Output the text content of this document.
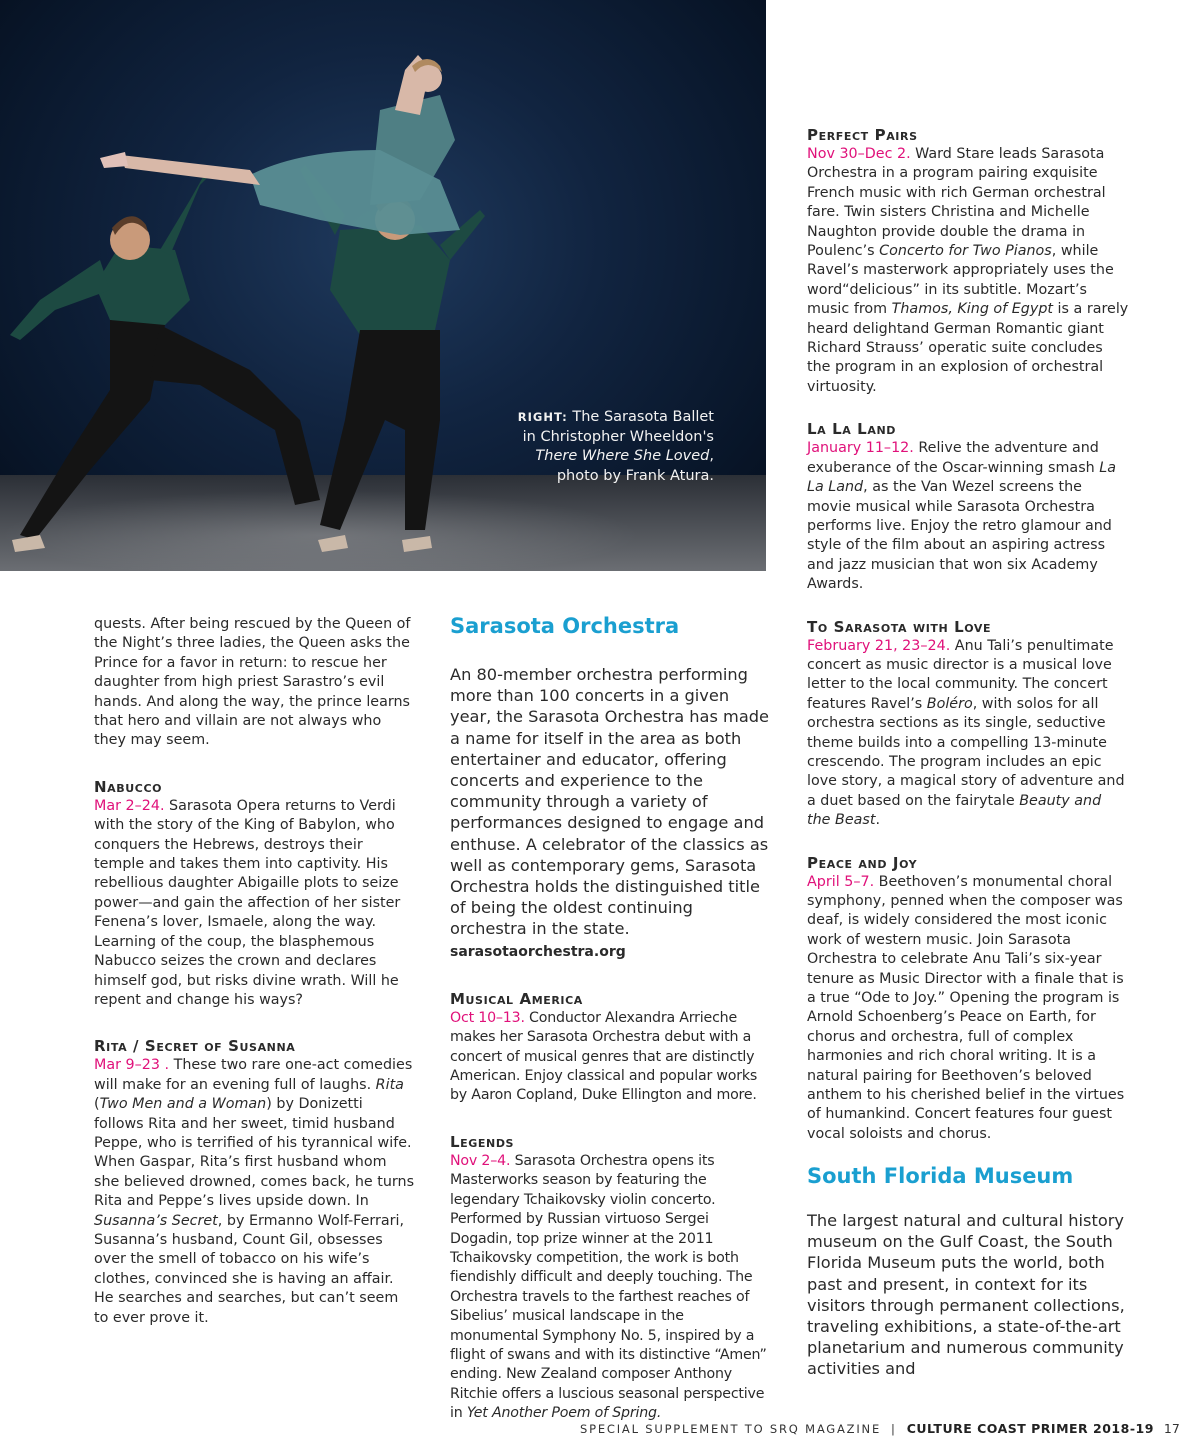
RIGHT: The Sarasota Ballet in Christopher Wheeldon's There Where She Loved, photo by Frank Atura.

quests. After being rescued by the Queen of the Night’s three ladies, the Queen asks the Prince for a favor in return: to rescue her daughter from high priest Sarastro’s evil hands. And along the way, the prince learns that hero and villain are not always who they may seem.

Nabucco

Mar 2–24. Sarasota Opera returns to Verdi with the story of the King of Babylon, who conquers the Hebrews, destroys their temple and takes them into captivity. His rebellious daughter Abigaille plots to seize power—and gain the affection of her sister Fenena’s lover, Ismaele, along the way. Learning of the coup, the blasphemous Nabucco seizes the crown and declares himself god, but risks divine wrath. Will he repent and change his ways?

Rita / Secret of Susanna

Mar 9–23 . These two rare one-act comedies will make for an evening full of laughs. Rita (Two Men and a Woman) by Donizetti follows Rita and her sweet, timid husband Peppe, who is terrified of his tyrannical wife. When Gaspar, Rita’s first husband whom she believed drowned, comes back, he turns Rita and Peppe’s lives upside down. In Susanna’s Secret, by Ermanno Wolf-Ferrari, Susanna’s husband, Count Gil, obsesses over the smell of tobacco on his wife’s clothes, convinced she is having an affair. He searches and searches, but can’t seem to ever prove it.

Sarasota Orchestra

An 80-member orchestra performing more than 100 concerts in a given year, the Sarasota Orchestra has made a name for itself in the area as both entertainer and educator, offering concerts and experience to the community through a variety of performances designed to engage and enthuse. A celebrator of the classics as well as contemporary gems, Sarasota Orchestra holds the distinguished title of being the oldest continuing orchestra in the state. sarasotaorchestra.org

Musical America

Oct 10–13. Conductor Alexandra Arrieche makes her Sarasota Orchestra debut with a concert of musical genres that are distinctly American. Enjoy classical and popular works by Aaron Copland, Duke Ellington and more.

Legends

Nov 2–4. Sarasota Orchestra opens its Masterworks season by featuring the legendary Tchaikovsky violin concerto. Performed by Russian virtuoso Sergei Dogadin, top prize winner at the 2011 Tchaikovsky competition, the work is both fiendishly difficult and deeply touching. The Orchestra travels to the farthest reaches of Sibelius’ musical landscape in the monumental Symphony No. 5, inspired by a flight of swans and with its distinctive “Amen” ending. New Zealand composer Anthony Ritchie offers a luscious seasonal perspective in Yet Another Poem of Spring.

Perfect Pairs

Nov 30–Dec 2. Ward Stare leads Sarasota Orchestra in a program pairing exquisite French music with rich German orchestral fare. Twin sisters Christina and Michelle Naughton provide double the drama in Poulenc’s Concerto for Two Pianos, while Ravel’s masterwork appropriately uses the word“delicious” in its subtitle. Mozart’s music from Thamos, King of Egypt is a rarely heard delightand German Romantic giant Richard Strauss’ operatic suite concludes the program in an explosion of orchestral virtuosity.

La La Land

January 11–12. Relive the adventure and exuberance of the Oscar-winning smash La La Land, as the Van Wezel screens the movie musical while Sarasota Orchestra performs live. Enjoy the retro glamour and style of the film about an aspiring actress and jazz musician that won six Academy Awards.

To Sarasota with Love

February 21, 23–24. Anu Tali’s penultimate concert as music director is a musical love letter to the local community. The concert features Ravel’s Boléro, with solos for all orchestra sections as its single, seductive theme builds into a compelling 13-minute crescendo. The program includes an epic love story, a magical story of adventure and a duet based on the fairytale Beauty and the Beast.

Peace and Joy

April 5–7. Beethoven’s monumental choral symphony, penned when the composer was deaf, is widely considered the most iconic work of western music. Join Sarasota Orchestra to celebrate Anu Tali’s six-year tenure as Music Director with a finale that is a true “Ode to Joy.” Opening the program is Arnold Schoenberg’s Peace on Earth, for chorus and orchestra, full of complex harmonies and rich choral writing. It is a natural pairing for Beethoven’s beloved anthem to his cherished belief in the virtues of humankind. Concert features four guest vocal soloists and chorus.

South Florida Museum

The largest natural and cultural history museum on the Gulf Coast, the South Florida Museum puts the world, both past and present, in context for its visitors through permanent collections, traveling exhibitions, a state-of-the-art planetarium and numerous community activities and

SPECIAL SUPPLEMENT TO SRQ MAGAZINE | CULTURE COAST PRIMER 2018-19 17
